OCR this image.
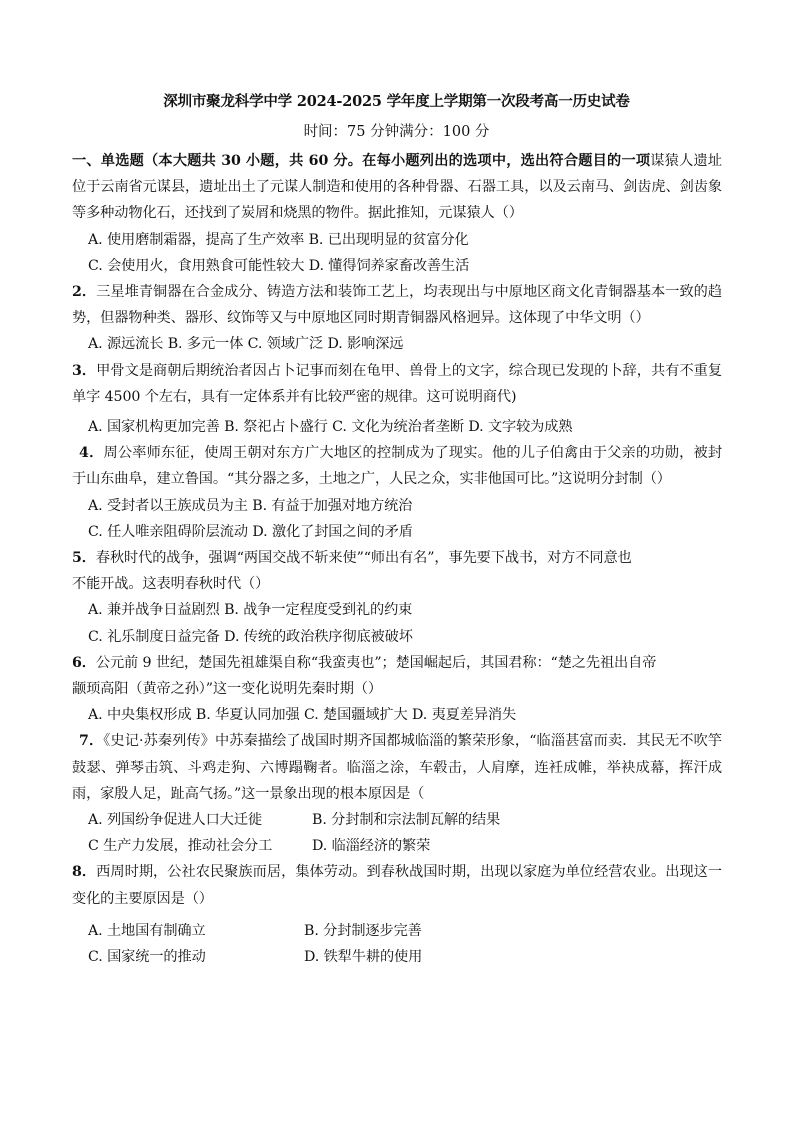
深圳市聚龙科学中学 2024-2025 学年度上学期第一次段考高一历史试卷
时间：75 分钟满分：100 分

一、单选题（本大题共 30 小题，共 60 分。在每小题列出的选项中，选出符合题目的一项谋猿人遗址位于云南省元谋县，遗址出土了元谋人制造和使用的各种骨器、石器工具，以及云南马、剑齿虎、剑齿象等多种动物化石，还找到了炭屑和烧黑的物件。据此推知，元谋猿人（）

A. 使用磨制霜器，提高了生产效率 B. 已出现明显的贫富分化
C. 会使用火，食用熟食可能性较大 D. 懂得饲养家畜改善生活

2．三星堆青铜器在合金成分、铸造方法和装饰工艺上，均表现出与中原地区商文化青铜器基本一致的趋势，但器物种类、器形、纹饰等又与中原地区同时期青铜器风格迥异。这体现了中华文明（）

A. 源远流长 B. 多元一体 C. 领域广泛 D. 影响深远

3．甲骨文是商朝后期统治者因占卜记事而刻在龟甲、兽骨上的文字，综合现已发现的卜辞，共有不重复单字 4500 个左右，具有一定体系并有比较严密的规律。这可说明商代)

A. 国家机构更加完善 B. 祭祀占卜盛行 C. 文化为统治者垄断 D. 文字较为成熟

4．周公率师东征，使周王朝对东方广大地区的控制成为了现实。他的儿子伯禽由于父亲的功勋，被封于山东曲阜，建立鲁国。“其分器之多，土地之广，人民之众，实非他国可比。”这说明分封制（）

A. 受封者以王族成员为主 B. 有益于加强对地方统治
C. 任人唯亲阻碍阶层流动 D. 激化了封国之间的矛盾

5．春秋时代的战争，强调“两国交战不斩来使”“师出有名”，事先要下战书，对方不同意也

不能开战。这表明春秋时代（）

A. 兼并战争日益剧烈 B. 战争一定程度受到礼的约束
C. 礼乐制度日益完备 D. 传统的政治秩序彻底被破坏

6．公元前 9 世纪，楚国先祖雄渠自称“我蛮夷也”；楚国崛起后，其国君称：“楚之先祖出自帝

颛顼高阳（黄帝之孙）”这一变化说明先秦时期（）

A. 中央集权形成 B. 华夏认同加强 C. 楚国疆域扩大 D. 夷夏差异消失

7．《史记·苏秦列传》中苏秦描绘了战国时期齐国都城临淄的繁荣形象，“临淄甚富而卖．其民无不吹竽鼓瑟、弹琴击筑、斗鸡走狗、六博蹋鞠者。临淄之涂，车毂击，人肩摩，连衽成帷，举袂成幕，挥汗成雨，家殷人足，趾高气扬。”这一景象出现的根本原因是（

A. 列国纷争促进人口大迁徙	B. 分封制和宗法制瓦解的结果
C 生产力发展，推动社会分工	D. 临淄经济的繁荣

8．西周时期，公社农民聚族而居，集体劳动。到春秋战国时期，出现以家庭为单位经营农业。出现这一变化的主要原因是（）

A. 土地国有制确立	B. 分封制逐步完善
C. 国家统一的推动	D. 铁犁牛耕的使用
